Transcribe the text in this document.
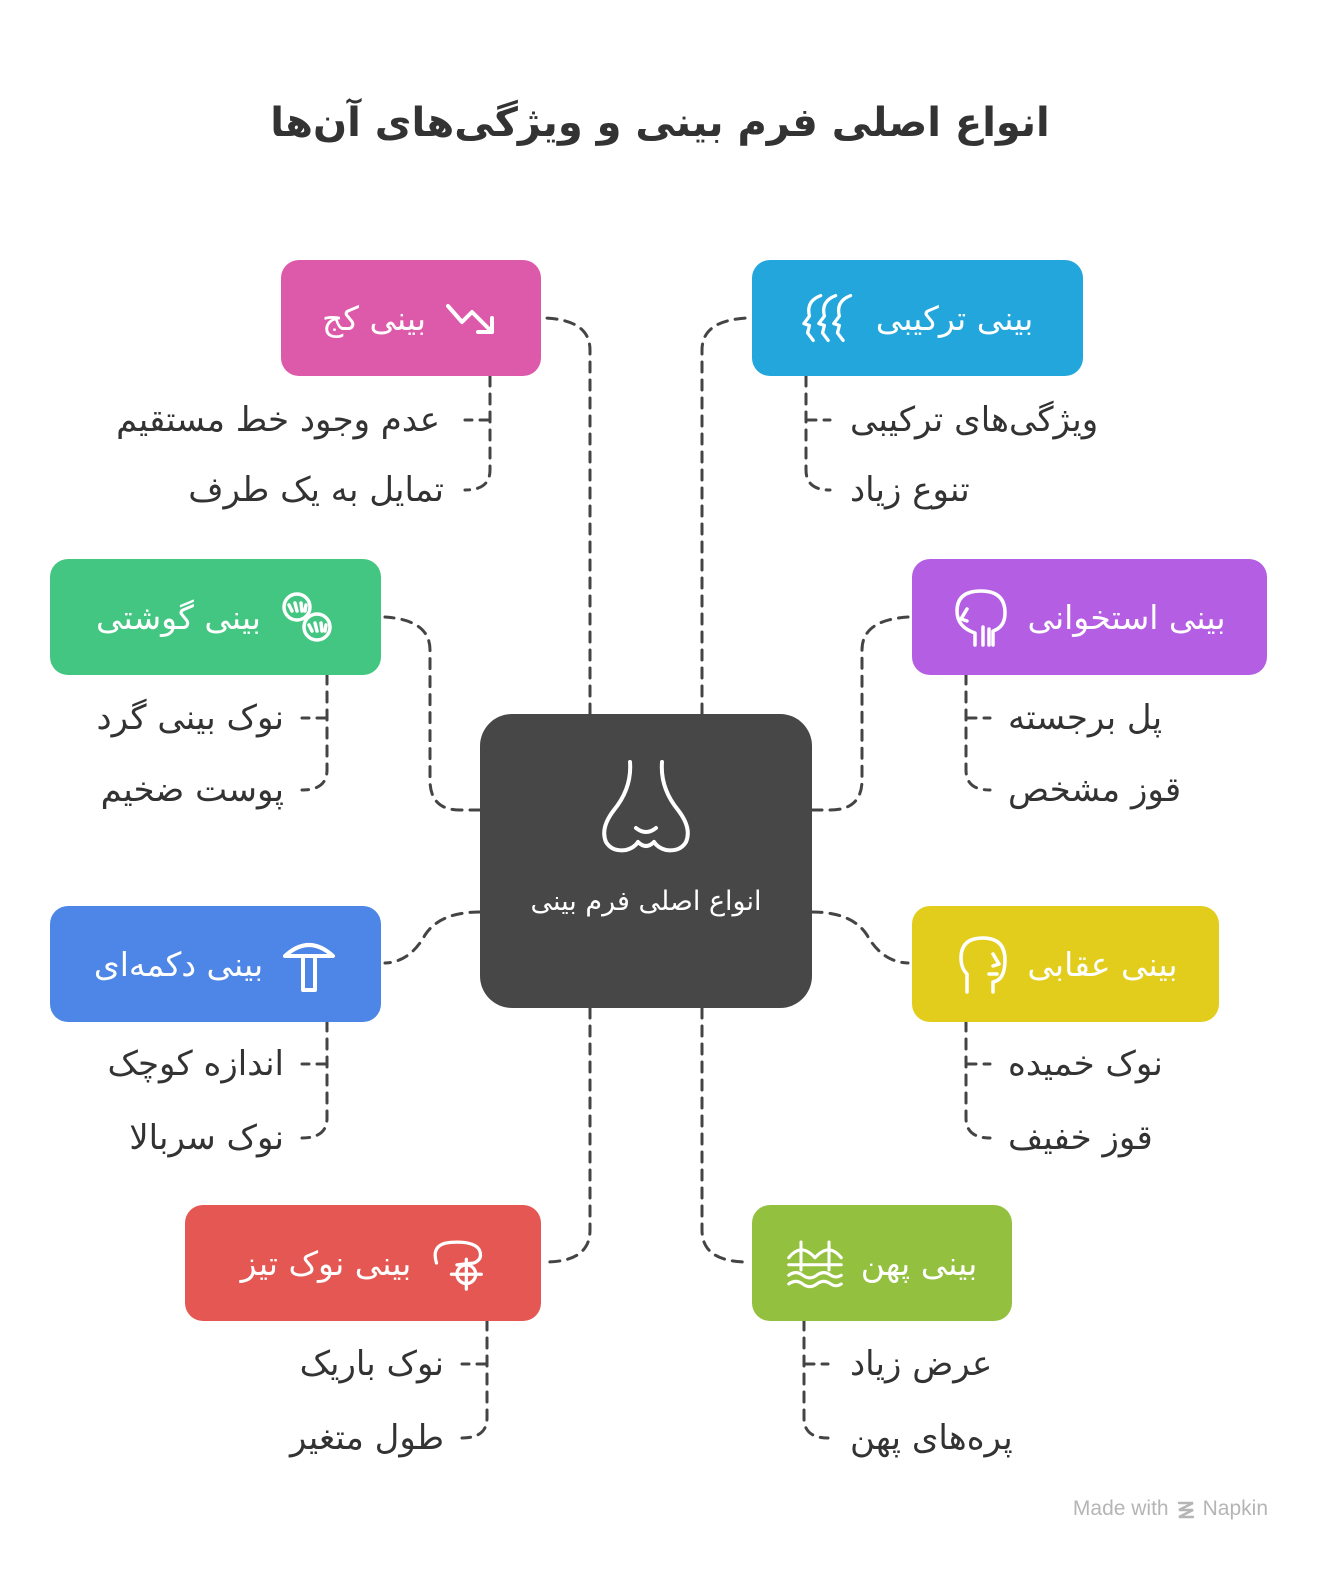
انواع اصلی فرم بینی و ویژگی‌های آن‌ها
انواع اصلی فرم بینی
بینی کج
بینی گوشتی
بینی دکمه‌ای
بینی نوک تیز
بینی ترکیبی
بینی استخوانی
بینی عقابی
بینی پهن
عدم وجود خط مستقیم
تمایل به یک طرف
نوک بینی گرد
پوست ضخیم
اندازه کوچک
نوک سربالا
نوک باریک
طول متغیر
ویژگی‌های ترکیبی
تنوع زیاد
پل برجسته
قوز مشخص
نوک خمیده
قوز خفیف
عرض زیاد
پره‌های پهن
Made with Napkin
